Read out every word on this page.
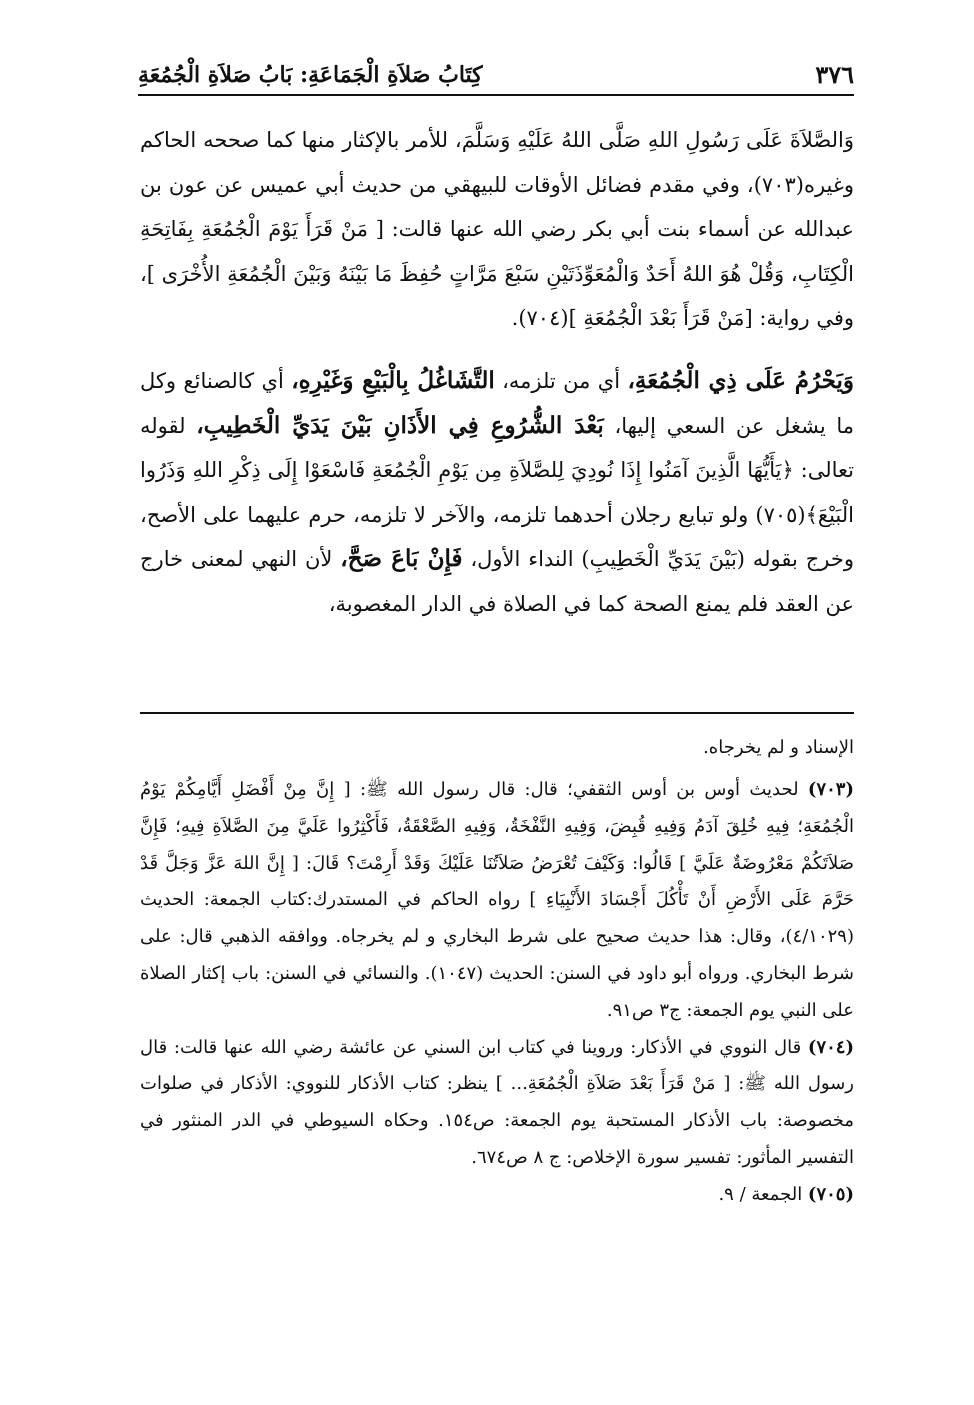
٣٧٦
كِتَابُ صَلاَةِ الْجَمَاعَةِ: بَابُ صَلاَةِ الْجُمُعَةِ

وَالصَّلاَةَ عَلَى رَسُولِ اللهِ صَلَّى اللهُ عَلَيْهِ وَسَلَّمَ، للأمر بالإكثار منها كما صححه الحاكم وغيره(٧٠٣)، وفي مقدم فضائل الأوقات للبيهقي من حديث أبي عميس عن عون بن عبدالله عن أسماء بنت أبي بكر رضي الله عنها قالت: [ مَنْ قَرَأَ يَوْمَ الْجُمُعَةِ بِفَاتِحَةِ الْكِتَابِ، وَقُلْ هُوَ اللهُ أَحَدٌ وَالْمُعَوِّذَتَيْنِ سَبْعَ مَرَّاتٍ حُفِظَ مَا بَيْنَهُ وَبَيْنَ الْجُمُعَةِ الأُخْرَى ]، وفي رواية: [مَنْ قَرَأَ بَعْدَ الْجُمُعَةِ ](٧٠٤).

وَيَحْرُمُ عَلَى ذِي الْجُمُعَةِ، أي من تلزمه، التَّشَاغُلُ بِالْبَيْعِ وَغَيْرِهِ، أي كالصنائع وكل ما يشغل عن السعي إليها، بَعْدَ الشُّرُوعِ فِي الأَذَانِ بَيْنَ يَدَيِّ الْخَطِيبِ، لقوله تعالى: ﴿يَأَيُّهَا الَّذِينَ آمَنُوا إِذَا نُودِيَ لِلصَّلاَةِ مِن يَوْمِ الْجُمُعَةِ فَاسْعَوْا إِلَى ذِكْرِ اللهِ وَذَرُوا الْبَيْعَ﴾(٧٠٥) ولو تبايع رجلان أحدهما تلزمه، والآخر لا تلزمه، حرم عليهما على الأصح، وخرج بقوله (بَيْنَ يَدَيِّ الْخَطِيبِ) النداء الأول، فَإِنْ بَاعَ صَحَّ، لأن النهي لمعنى خارج عن العقد فلم يمنع الصحة كما في الصلاة في الدار المغصوبة،

الإسناد و لم يخرجاه.

(٧٠٣) لحديث أوس بن أوس الثقفي؛ قال: قال رسول الله ﷺ: [ إِنَّ مِنْ أَفْضَلِ أَيَّامِكُمْ يَوْمُ الْجُمُعَةِ؛ فِيهِ خُلِقَ آدَمُ وَفِيهِ قُبِضَ، وَفِيهِ النَّفْخَةُ، وَفِيهِ الصَّعْقَةُ، فَأَكْثِرُوا عَلَيَّ مِنَ الصَّلاَةِ فِيهِ؛ فَإِنَّ صَلاَتَكُمْ مَعْرُوضَةٌ عَلَيَّ ] قَالُوا: وَكَيْفَ تُعْرَضُ صَلاَتُنَا عَلَيْكَ وَقَدْ أَرِمْتَ؟ قَالَ: [ إِنَّ اللهَ عَزَّ وَجَلَّ قَدْ حَرَّمَ عَلَى الأَرْضِ أَنْ تَأْكُلَ أَجْسَادَ الأَنْبِيَاءِ ] رواه الحاكم في المستدرك:كتاب الجمعة: الحديث (٤/١٠٢٩)، وقال: هذا حديث صحيح على شرط البخاري و لم يخرجاه. ووافقه الذهبي قال: على شرط البخاري. ورواه أبو داود في السنن: الحديث (١٠٤٧). والنسائي في السنن: باب إكثار الصلاة على النبي يوم الجمعة: ج٣ ص٩١.

(٧٠٤) قال النووي في الأذكار: وروينا في كتاب ابن السني عن عائشة رضي الله عنها قالت: قال رسول الله ﷺ: [ مَنْ قَرَأَ بَعْدَ صَلاَةِ الْجُمُعَةِ... ] ينظر: كتاب الأذكار للنووي: الأذكار في صلوات مخصوصة: باب الأذكار المستحبة يوم الجمعة: ص١٥٤. وحكاه السيوطي في الدر المنثور في التفسير المأثور: تفسير سورة الإخلاص: ج ٨ ص٦٧٤.

(٧٠٥) الجمعة / ٩.
